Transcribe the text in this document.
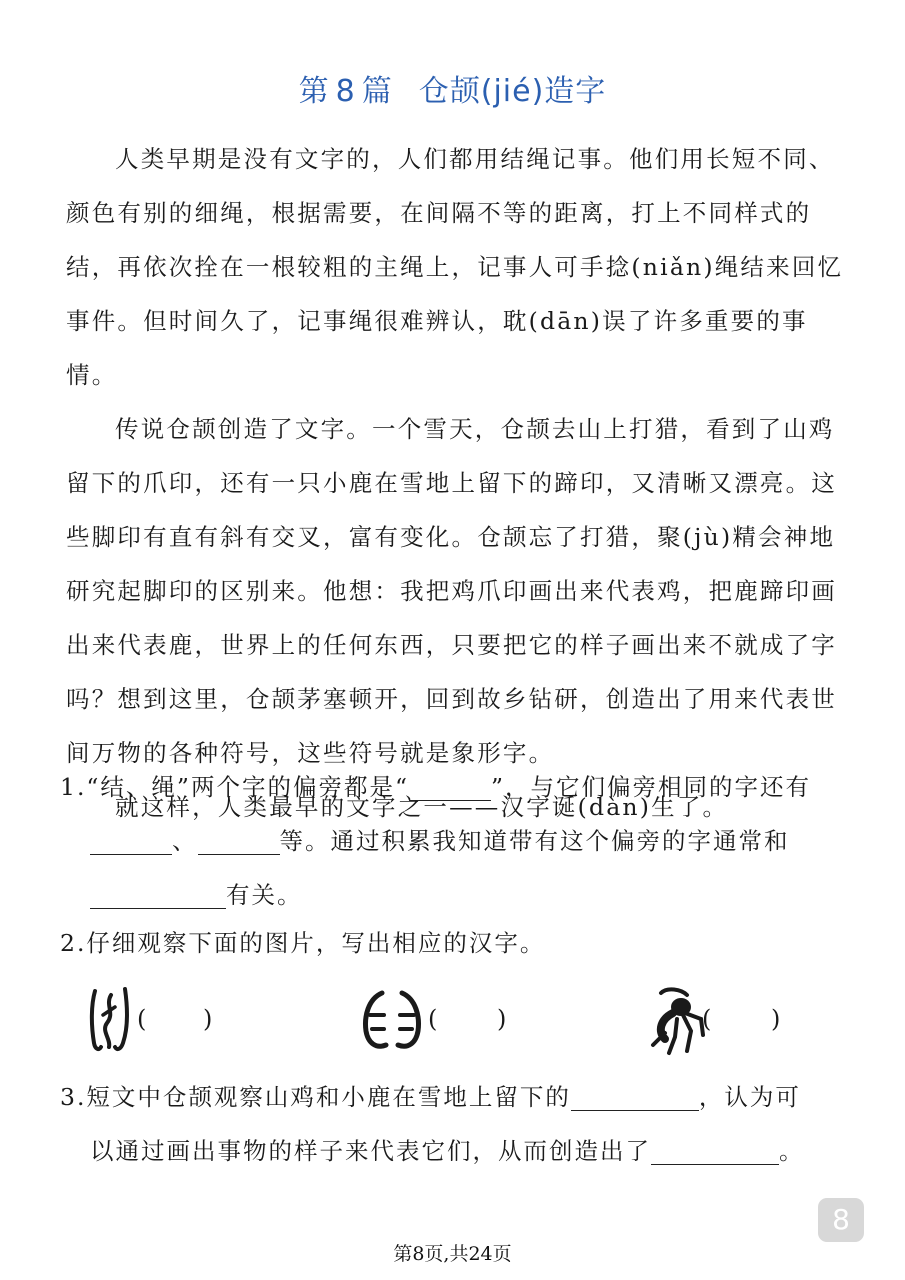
第 8 篇 仓颉(jié)造字

人类早期是没有文字的，人们都用结绳记事。他们用长短不同、颜色有别的细绳，根据需要，在间隔不等的距离，打上不同样式的结，再依次拴在一根较粗的主绳上，记事人可手捻(niǎn)绳结来回忆事件。但时间久了，记事绳很难辨认，耽(dān)误了许多重要的事情。

传说仓颉创造了文字。一个雪天，仓颉去山上打猎，看到了山鸡留下的爪印，还有一只小鹿在雪地上留下的蹄印，又清晰又漂亮。这些脚印有直有斜有交叉，富有变化。仓颉忘了打猎，聚(jù)精会神地研究起脚印的区别来。他想：我把鸡爪印画出来代表鸡，把鹿蹄印画出来代表鹿，世界上的任何东西，只要把它的样子画出来不就成了字吗？想到这里，仓颉茅塞顿开，回到故乡钻研，创造出了用来代表世间万物的各种符号，这些符号就是象形字。

就这样，人类最早的文字之一——汉字诞(dàn)生了。

1.“结、绳”两个字的偏旁都是“	”，与它们偏旁相同的字还有
、	等。通过积累我知道带有这个偏旁的字通常和
有关。
2.仔细观察下面的图片，写出相应的汉字。
( )	( )	( )
3.短文中仓颉观察山鸡和小鹿在雪地上留下的	，认为可
以通过画出事物的样子来代表它们，从而创造出了	。
8
第8页,共24页
